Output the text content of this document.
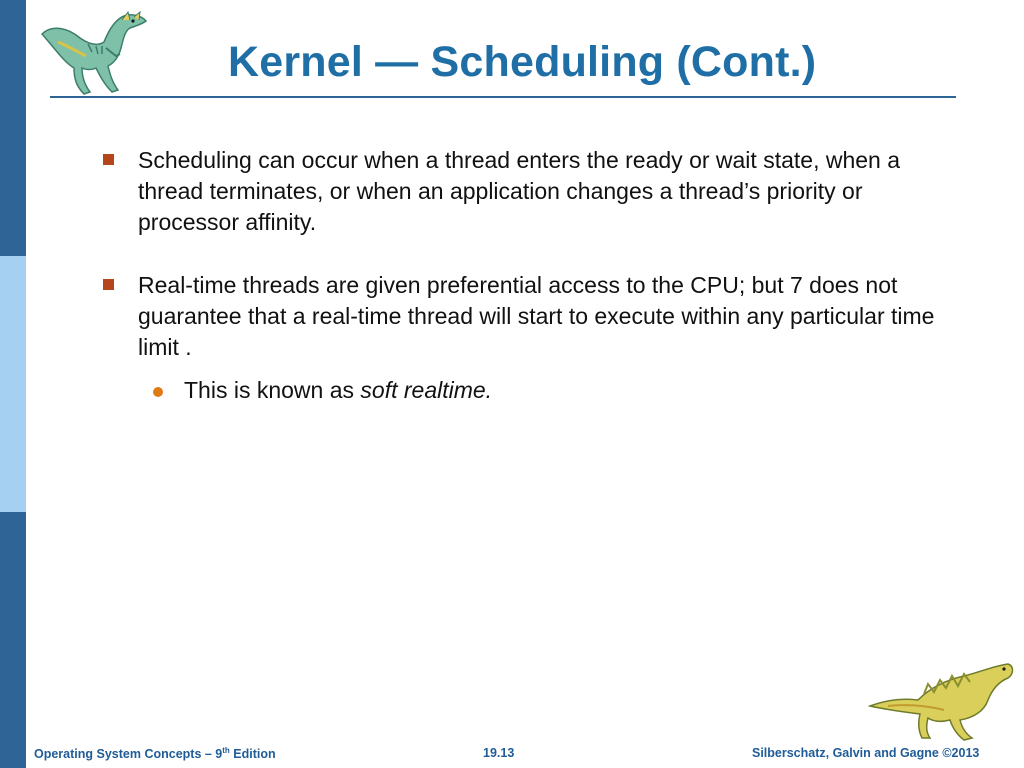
Kernel — Scheduling (Cont.)
Scheduling can occur when a thread enters the ready or wait state, when a thread terminates, or when an application changes a thread’s priority or processor affinity.
Real-time threads are given preferential access to the CPU; but 7 does not guarantee that a real-time thread will start to execute within any particular time limit .
This is known as soft realtime.
Operating System Concepts – 9th Edition	19.13	Silberschatz, Galvin and Gagne ©2013
